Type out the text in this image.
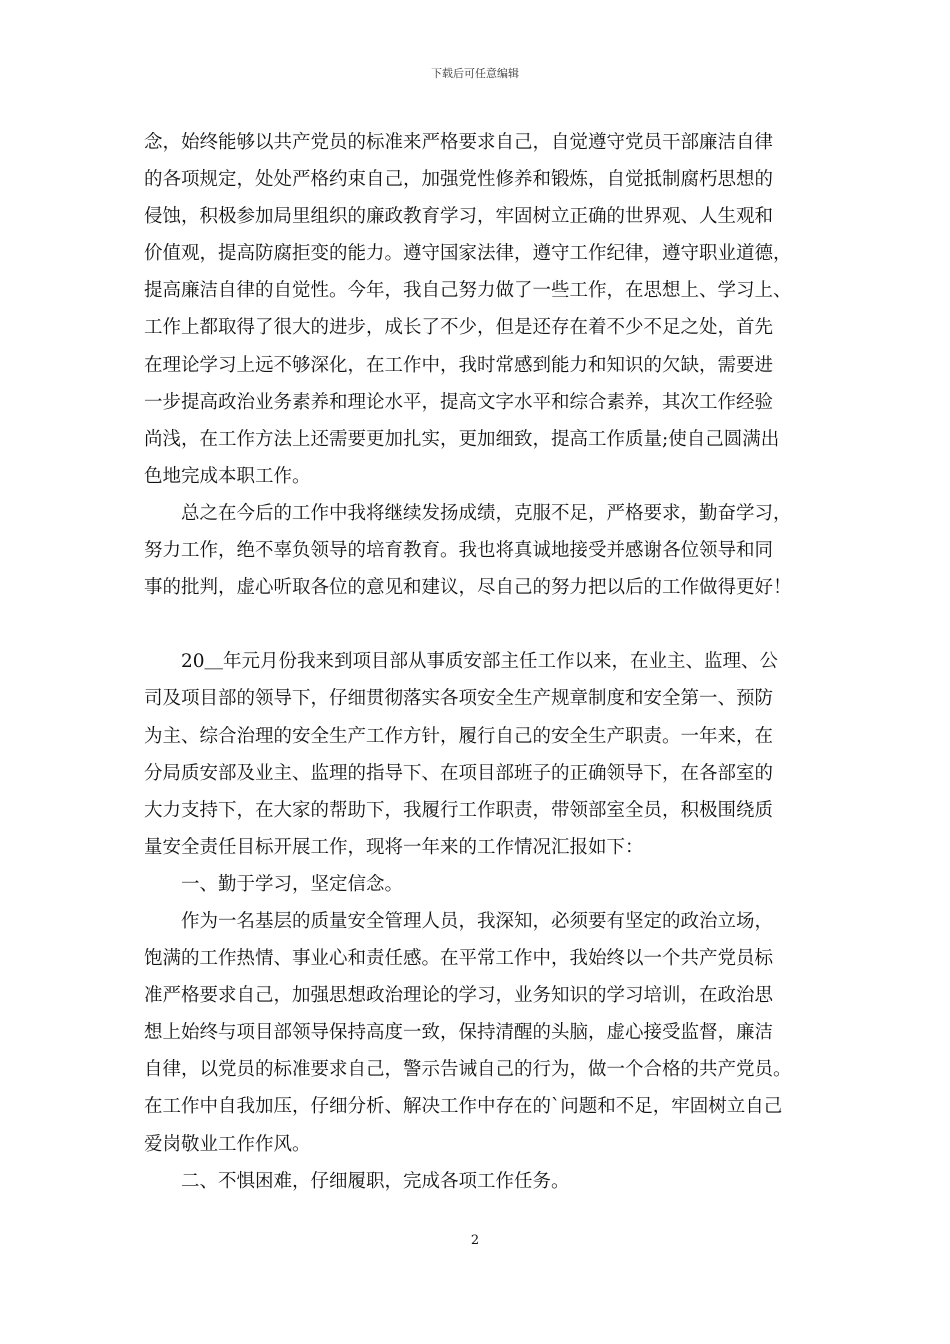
下载后可任意编辑
念，始终能够以共产党员的标准来严格要求自己，自觉遵守党员干部廉洁自律
的各项规定，处处严格约束自己，加强党性修养和锻炼，自觉抵制腐朽思想的
侵蚀，积极参加局里组织的廉政教育学习，牢固树立正确的世界观、人生观和
价值观，提高防腐拒变的能力。遵守国家法律，遵守工作纪律，遵守职业道德，
提高廉洁自律的自觉性。今年，我自己努力做了一些工作，在思想上、学习上、
工作上都取得了很大的进步，成长了不少，但是还存在着不少不足之处，首先
在理论学习上远不够深化，在工作中，我时常感到能力和知识的欠缺，需要进
一步提高政治业务素养和理论水平，提高文字水平和综合素养，其次工作经验
尚浅，在工作方法上还需要更加扎实，更加细致，提高工作质量;使自己圆满出
色地完成本职工作。
总之在今后的工作中我将继续发扬成绩，克服不足，严格要求，勤奋学习，
努力工作，绝不辜负领导的培育教育。我也将真诚地接受并感谢各位领导和同
事的批判，虚心听取各位的意见和建议，尽自己的努力把以后的工作做得更好！
20＿年元月份我来到项目部从事质安部主任工作以来，在业主、监理、公
司及项目部的领导下，仔细贯彻落实各项安全生产规章制度和安全第一、预防
为主、综合治理的安全生产工作方针，履行自己的安全生产职责。一年来，在
分局质安部及业主、监理的指导下、在项目部班子的正确领导下，在各部室的
大力支持下，在大家的帮助下，我履行工作职责，带领部室全员，积极围绕质
量安全责任目标开展工作，现将一年来的工作情况汇报如下：
一、勤于学习，坚定信念。
作为一名基层的质量安全管理人员，我深知，必须要有坚定的政治立场，
饱满的工作热情、事业心和责任感。在平常工作中，我始终以一个共产党员标
准严格要求自己，加强思想政治理论的学习，业务知识的学习培训，在政治思
想上始终与项目部领导保持高度一致，保持清醒的头脑，虚心接受监督，廉洁
自律，以党员的标准要求自己，警示告诫自己的行为，做一个合格的共产党员。
在工作中自我加压，仔细分析、解决工作中存在的`问题和不足，牢固树立自己
爱岗敬业工作作风。
二、不惧困难，仔细履职，完成各项工作任务。
2
